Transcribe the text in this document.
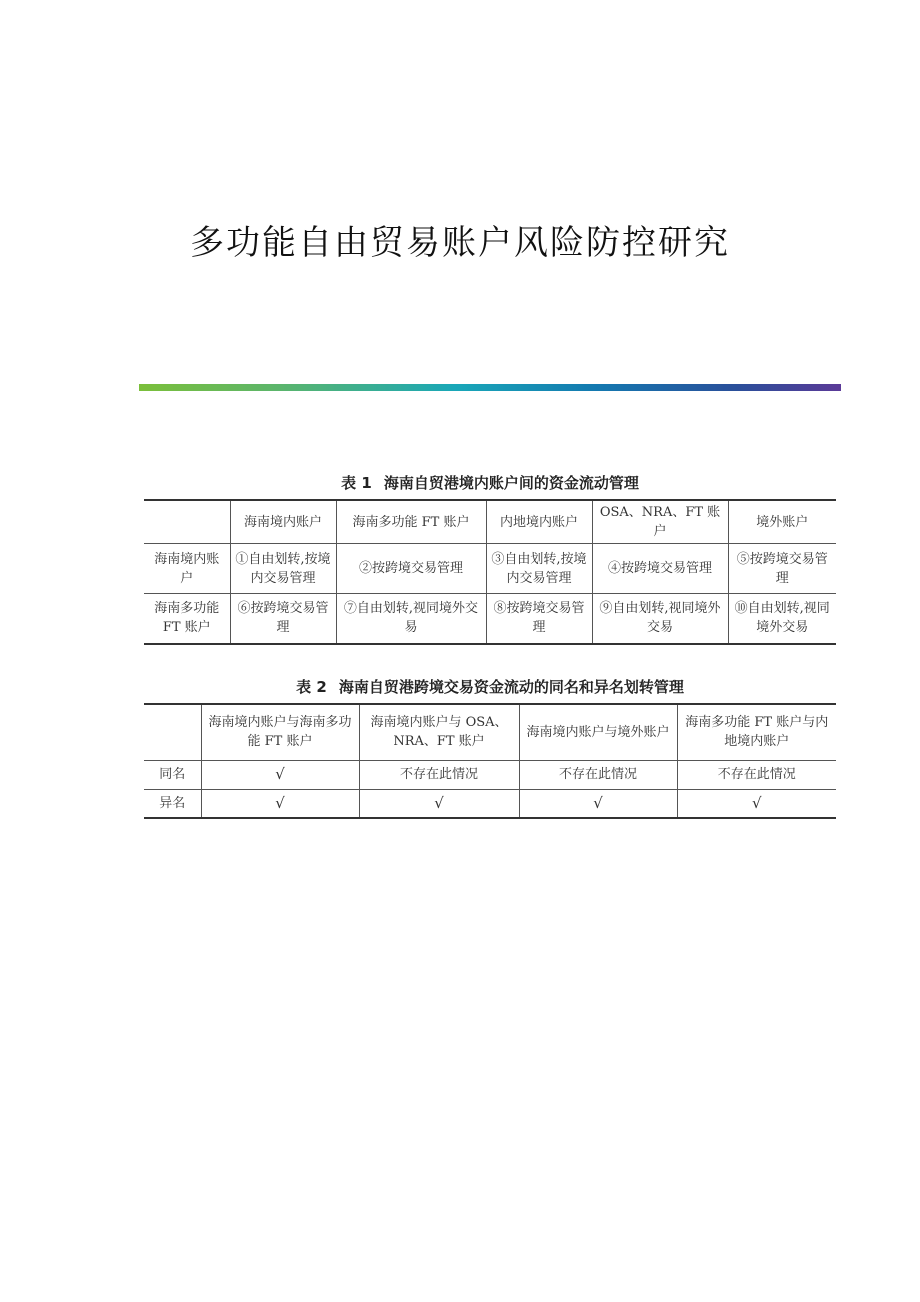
多功能自由贸易账户风险防控研究
表 1 海南自贸港境内账户间的资金流动管理
	海南境内账户	海南多功能 FT 账户	内地境内账户	OSA、NRA、FT 账户	境外账户
海南境内账户	①自由划转,按境内交易管理	②按跨境交易管理	③自由划转,按境内交易管理	④按跨境交易管理	⑤按跨境交易管理
海南多功能 FT 账户	⑥按跨境交易管理	⑦自由划转,视同境外交易	⑧按跨境交易管理	⑨自由划转,视同境外交易	⑩自由划转,视同境外交易
表 2 海南自贸港跨境交易资金流动的同名和异名划转管理
	海南境内账户与海南多功能 FT 账户	海南境内账户与 OSA、NRA、FT 账户	海南境内账户与境外账户	海南多功能 FT 账户与内地境内账户
同名	√	不存在此情况	不存在此情况	不存在此情况
异名	√	√	√	√
